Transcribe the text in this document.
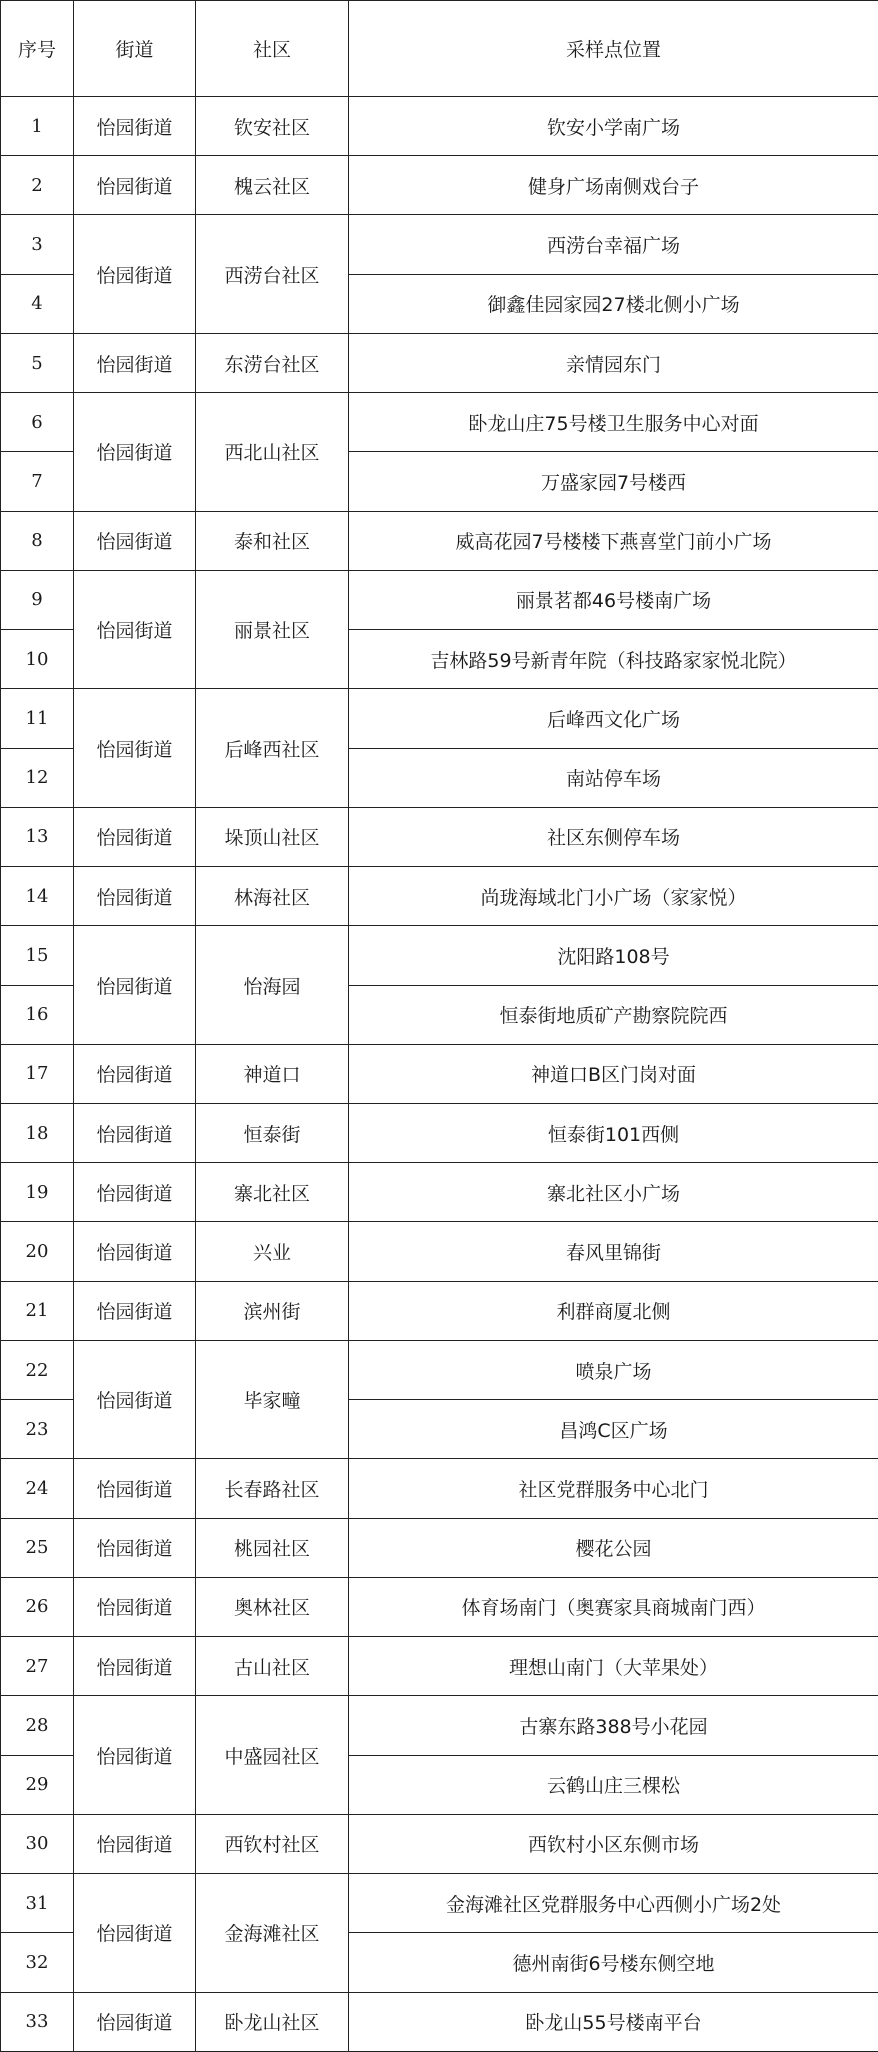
序号	街道	社区	采样点位置
1	怡园街道	钦安社区	钦安小学南广场
2	怡园街道	槐云社区	健身广场南侧戏台子
3	怡园街道	西涝台社区	西涝台幸福广场
4			御鑫佳园家园27楼北侧小广场
5	怡园街道	东涝台社区	亲情园东门
6	怡园街道	西北山社区	卧龙山庄75号楼卫生服务中心对面
7			万盛家园7号楼西
8	怡园街道	泰和社区	威高花园7号楼楼下燕喜堂门前小广场
9	怡园街道	丽景社区	丽景茗都46号楼南广场
10			吉林路59号新青年院（科技路家家悦北院）
11	怡园街道	后峰西社区	后峰西文化广场
12			南站停车场
13	怡园街道	垛顶山社区	社区东侧停车场
14	怡园街道	林海社区	尚珑海域北门小广场（家家悦）
15	怡园街道	怡海园	沈阳路108号
16			恒泰街地质矿产勘察院院西
17	怡园街道	神道口	神道口B区门岗对面
18	怡园街道	恒泰街	恒泰街101西侧
19	怡园街道	寨北社区	寨北社区小广场
20	怡园街道	兴业	春风里锦街
21	怡园街道	滨州街	利群商厦北侧
22	怡园街道	毕家疃	喷泉广场
23			昌鸿C区广场
24	怡园街道	长春路社区	社区党群服务中心北门
25	怡园街道	桃园社区	樱花公园
26	怡园街道	奥林社区	体育场南门（奥赛家具商城南门西）
27	怡园街道	古山社区	理想山南门（大苹果处）
28	怡园街道	中盛园社区	古寨东路388号小花园
29			云鹤山庄三棵松
30	怡园街道	西钦村社区	西钦村小区东侧市场
31	怡园街道	金海滩社区	金海滩社区党群服务中心西侧小广场2处
32			德州南街6号楼东侧空地
33	怡园街道	卧龙山社区	卧龙山55号楼南平台
